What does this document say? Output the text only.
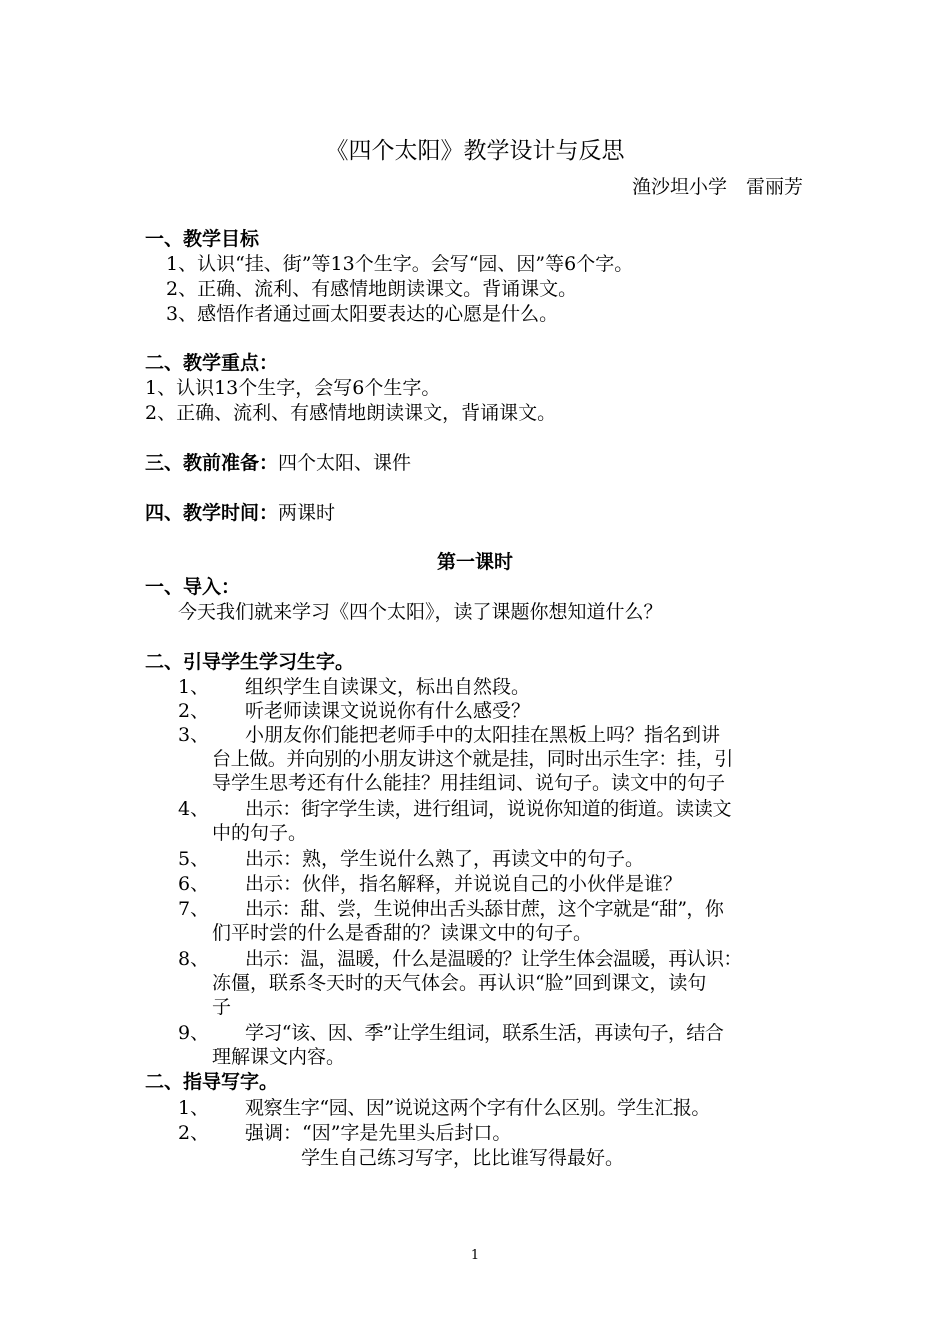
《四个太阳》教学设计与反思
渔沙坦小学　雷丽芳
一、教学目标
1、认识“挂、街”等13个生字。会写“园、因”等6个字。
2、正确、流利、有感情地朗读课文。背诵课文。
3、感悟作者通过画太阳要表达的心愿是什么。
二、教学重点：
1、认识13个生字，会写6个生字。
2、正确、流利、有感情地朗读课文，背诵课文。
三、教前准备：四个太阳、课件
四、教学时间：两课时
第一课时
一、导入：
今天我们就来学习《四个太阳》，读了课题你想知道什么？
二、引导学生学习生字。
1、 组织学生自读课文，标出自然段。
2、 听老师读课文说说你有什么感受？
3、 小朋友你们能把老师手中的太阳挂在黑板上吗？指名到讲
台上做。并向别的小朋友讲这个就是挂，同时出示生字：挂，引
导学生思考还有什么能挂？用挂组词、说句子。读文中的句子
4、 出示：街字学生读，进行组词，说说你知道的街道。读读文
中的句子。
5、 出示：熟，学生说什么熟了，再读文中的句子。
6、 出示：伙伴，指名解释，并说说自己的小伙伴是谁？
7、 出示：甜、尝，生说伸出舌头舔甘蔗，这个字就是“甜”，你
们平时尝的什么是香甜的？读课文中的句子。
8、 出示：温，温暖，什么是温暖的？让学生体会温暖，再认识：
冻僵，联系冬天时的天气体会。再认识“脸”回到课文，读句
子
9、 学习“该、因、季”让学生组词，联系生活，再读句子，结合
理解课文内容。
二、指导写字。
1、 观察生字“园、因”说说这两个字有什么区别。学生汇报。
2、 强调：“因”字是先里头后封口。
学生自己练习写字，比比谁写得最好。
1
